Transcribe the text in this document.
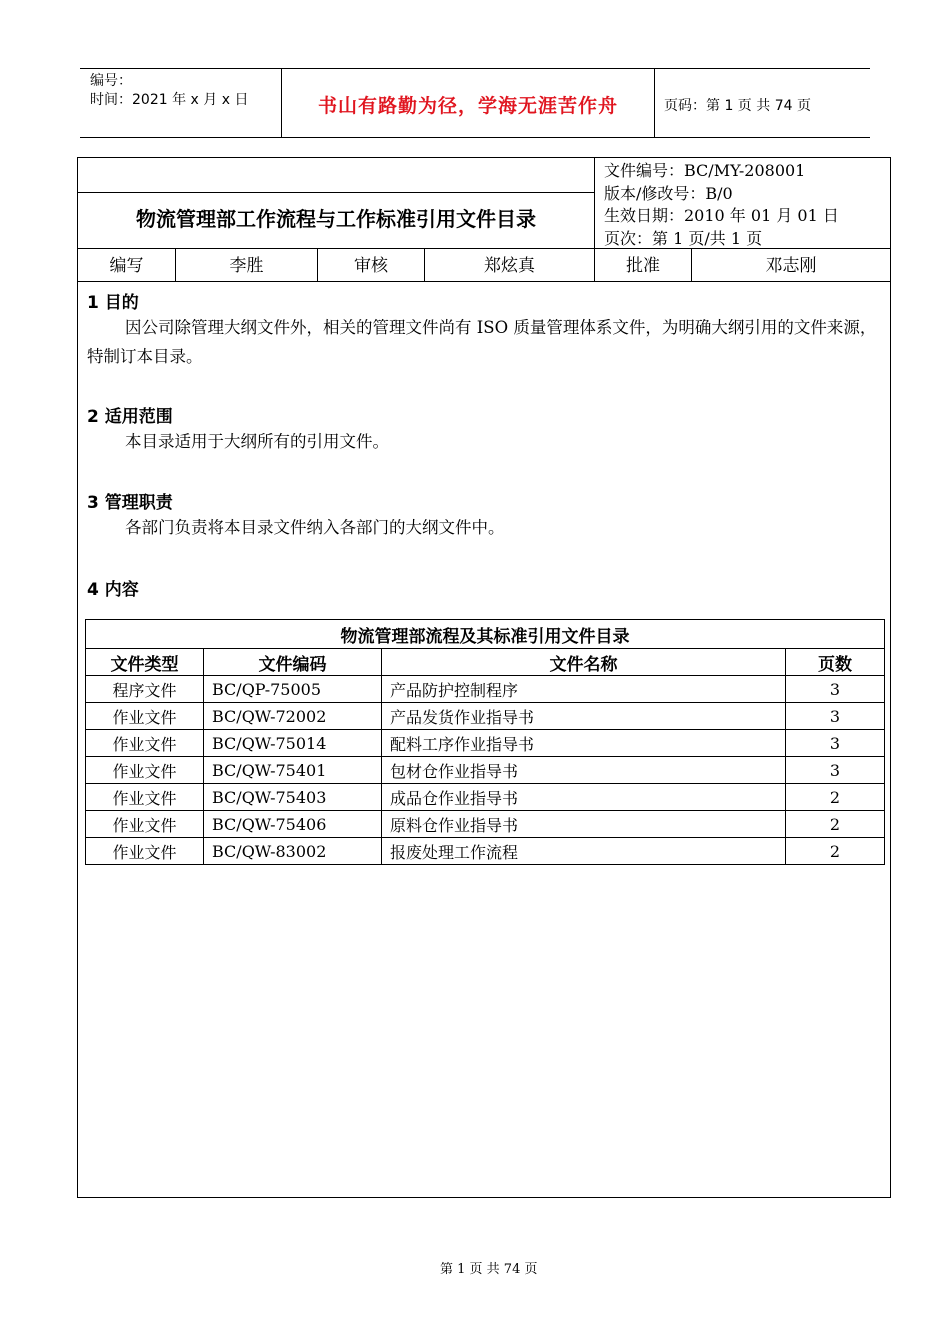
编号：
时间：2021 年 x 月 x 日	书山有路勤为径，学海无涯苦作舟	页码：第 1 页 共 74 页
物流管理部工作流程与工作标准引用文件目录
文件编号：BC/MY-208001
版本/修改号：B/0
生效日期：2010 年 01 月 01 日
页次：第 1 页/共 1 页
编写	李胜	审核	郑炫真	批准	邓志刚
1 目的
因公司除管理大纲文件外，相关的管理文件尚有 ISO 质量管理体系文件，为明确大纲引用的文件来源，特制订本目录。
2 适用范围
本目录适用于大纲所有的引用文件。
3 管理职责
各部门负责将本目录文件纳入各部门的大纲文件中。
4 内容
物流管理部流程及其标准引用文件目录			
文件类型	文件编码	文件名称	页数
程序文件	BC/QP-75005	产品防护控制程序	3
作业文件	BC/QW-72002	产品发货作业指导书	3
作业文件	BC/QW-75014	配料工序作业指导书	3
作业文件	BC/QW-75401	包材仓作业指导书	3
作业文件	BC/QW-75403	成品仓作业指导书	2
作业文件	BC/QW-75406	原料仓作业指导书	2
作业文件	BC/QW-83002	报废处理工作流程	2
第 1 页 共 74 页
